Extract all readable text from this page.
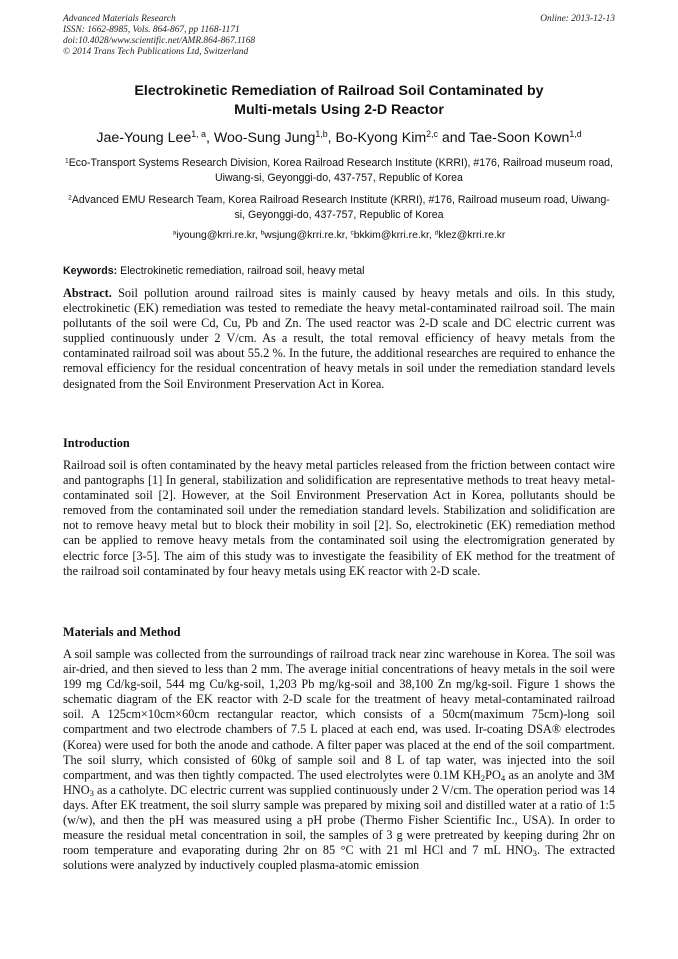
Advanced Materials Research
ISSN: 1662-8985, Vols. 864-867, pp 1168-1171
doi:10.4028/www.scientific.net/AMR.864-867.1168
© 2014 Trans Tech Publications Ltd, Switzerland
Online: 2013-12-13
Electrokinetic Remediation of Railroad Soil Contaminated by
Multi-metals Using 2-D Reactor
Jae-Young Lee$^{1, a}$, Woo-Sung Jung$^{1,b}$, Bo-Kyong Kim$^{2,c}$ and Tae-Soon Kown$^{1,d}$
$^1$Eco-Transport Systems Research Division, Korea Railroad Research Institute (KRRI), #176, Railroad museum road, Uiwang-si, Geyonggi-do, 437-757, Republic of Korea
$^2$Advanced EMU Research Team, Korea Railroad Research Institute (KRRI), #176, Railroad museum road, Uiwang-si, Geyonggi-do, 437-757, Republic of Korea
$^a$iyoung@krri.re.kr, $^b$wsjung@krri.re.kr, $^c$bkkim@krri.re.kr, $^d$klez@krri.re.kr
Keywords: Electrokinetic remediation, railroad soil, heavy metal
Abstract. Soil pollution around railroad sites is mainly caused by heavy metals and oils. In this study, electrokinetic (EK) remediation was tested to remediate the heavy metal-contaminated railroad soil. The main pollutants of the soil were Cd, Cu, Pb and Zn. The used reactor was 2-D scale and DC electric current was supplied continuously under 2 V/cm. As a result, the total removal efficiency of heavy metals from the contaminated railroad soil was about 55.2 %. In the future, the additional researches are required to enhance the removal efficiency for the residual concentration of heavy metals in soil under the remediation standard levels designated from the Soil Environment Preservation Act in Korea.
Introduction
Railroad soil is often contaminated by the heavy metal particles released from the friction between contact wire and pantographs [1] In general, stabilization and solidification are representative methods to treat heavy metal-contaminated soil [2]. However, at the Soil Environment Preservation Act in Korea, pollutants should be removed from the contaminated soil under the remediation standard levels. Stabilization and solidification are not to remove heavy metal but to block their mobility in soil [2]. So, electrokinetic (EK) remediation method can be applied to remove heavy metals from the contaminated soil using the electromigration generated by electric force [3-5]. The aim of this study was to investigate the feasibility of EK method for the treatment of the railroad soil contaminated by four heavy metals using EK reactor with 2-D scale.
Materials and Method
A soil sample was collected from the surroundings of railroad track near zinc warehouse in Korea. The soil was air-dried, and then sieved to less than 2 mm. The average initial concentrations of heavy metals in the soil were 199 mg Cd/kg-soil, 544 mg Cu/kg-soil, 1,203 Pb mg/kg-soil and 38,100 Zn mg/kg-soil. Figure 1 shows the schematic diagram of the EK reactor with 2-D scale for the treatment of heavy metal-contaminated railroad soil. A 125cm×10cm×60cm rectangular reactor, which consists of a 50cm(maximum 75cm)-long soil compartment and two electrode chambers of 7.5 L placed at each end, was used. Ir-coating DSA® electrodes (Korea) were used for both the anode and cathode. A filter paper was placed at the end of the soil compartment. The soil slurry, which consisted of 60kg of sample soil and 8 L of tap water, was injected into the soil compartment, and was then tightly compacted. The used electrolytes were 0.1M $KH_2PO_4$ as an anolyte and 3M $HNO_3$ as a catholyte. DC electric current was supplied continuously under 2 V/cm. The operation period was 14 days. After EK treatment, the soil slurry sample was prepared by mixing soil and distilled water at a ratio of 1:5 (w/w), and then the pH was measured using a pH probe (Thermo Fisher Scientific Inc., USA). In order to measure the residual metal concentration in soil, the samples of 3 g were pretreated by keeping during 2hr on room temperature and evaporating during 2hr on 85 °C with 21 ml HCl and 7 mL $HNO_3$. The extracted solutions were analyzed by inductively coupled plasma-atomic emission
